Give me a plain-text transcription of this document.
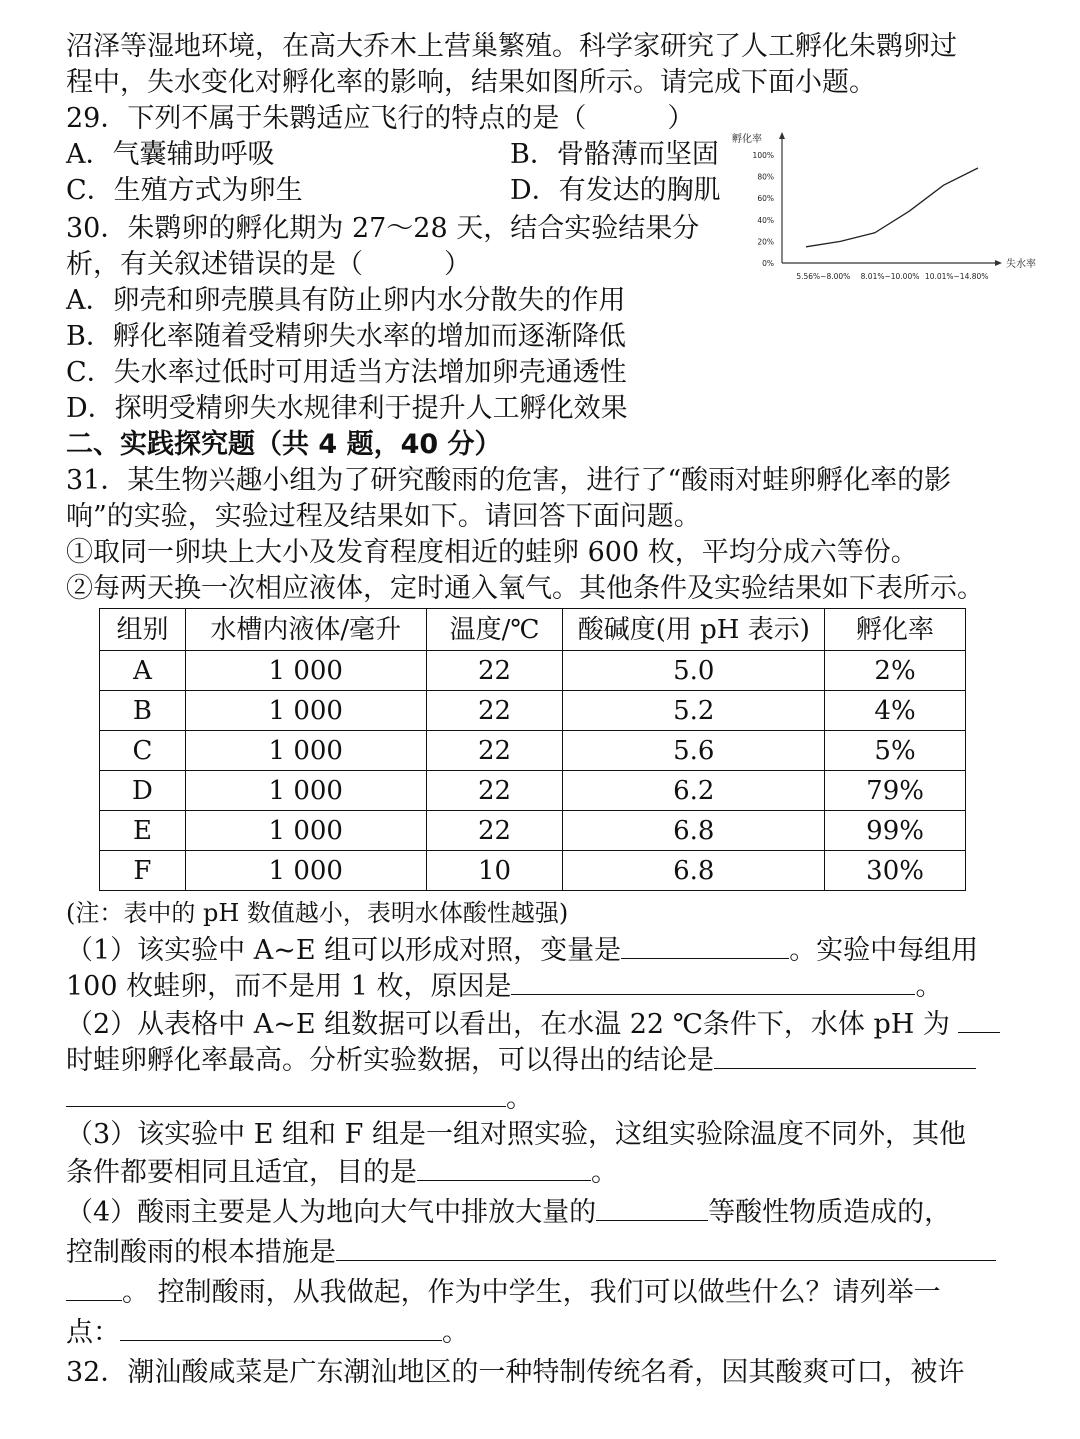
沼泽等湿地环境，在高大乔木上营巢繁殖。科学家研究了人工孵化朱鹮卵过
程中，失水变化对孵化率的影响，结果如图所示。请完成下面小题。
29．下列不属于朱鹮适应飞行的特点的是（　　　）
A．气囊辅助呼吸	B．骨骼薄而坚固
C．生殖方式为卵生	D．有发达的胸肌
30．朱鹮卵的孵化期为 27～28 天，结合实验结果分
析，有关叙述错误的是（　　　）
A．卵壳和卵壳膜具有防止卵内水分散失的作用
B．孵化率随着受精卵失水率的增加而逐渐降低
C．失水率过低时可用适当方法增加卵壳通透性
D．探明受精卵失水规律利于提升人工孵化效果
孵化率
失水率
0%
20%
40%
60%
80%
100%
5.56%~8.00% 8.01%~10.00% 10.01%~14.80%
二、实践探究题（共 4 题，40 分）
31．某生物兴趣小组为了研究酸雨的危害，进行了“酸雨对蛙卵孵化率的影
响”的实验，实验过程及结果如下。请回答下面问题。
①取同一卵块上大小及发育程度相近的蛙卵 600 枚，平均分成六等份。
②每两天换一次相应液体，定时通入氧气。其他条件及实验结果如下表所示。
组别	水槽内液体/毫升	温度/℃	酸碱度(用 pH 表示)	孵化率
A	1 000	22	5.0	2%
B	1 000	22	5.2	4%
C	1 000	22	5.6	5%
D	1 000	22	6.2	79%
E	1 000	22	6.8	99%
F	1 000	10	6.8	30%
(注：表中的 pH 数值越小，表明水体酸性越强)
（1）该实验中 A~E 组可以形成对照，变量是	。实验中每组用
100 枚蛙卵，而不是用 1 枚，原因是	。
（2）从表格中 A~E 组数据可以看出，在水温 22 ℃条件下，水体 pH 为
时蛙卵孵化率最高。分析实验数据，可以得出的结论是
。
（3）该实验中 E 组和 F 组是一组对照实验，这组实验除温度不同外，其他
条件都要相同且适宜，目的是	。
（4）酸雨主要是人为地向大气中排放大量的	等酸性物质造成的，
控制酸雨的根本措施是
。 控制酸雨，从我做起，作为中学生，我们可以做些什么？请列举一
点：	。
32．潮汕酸咸菜是广东潮汕地区的一种特制传统名肴，因其酸爽可口，被许
